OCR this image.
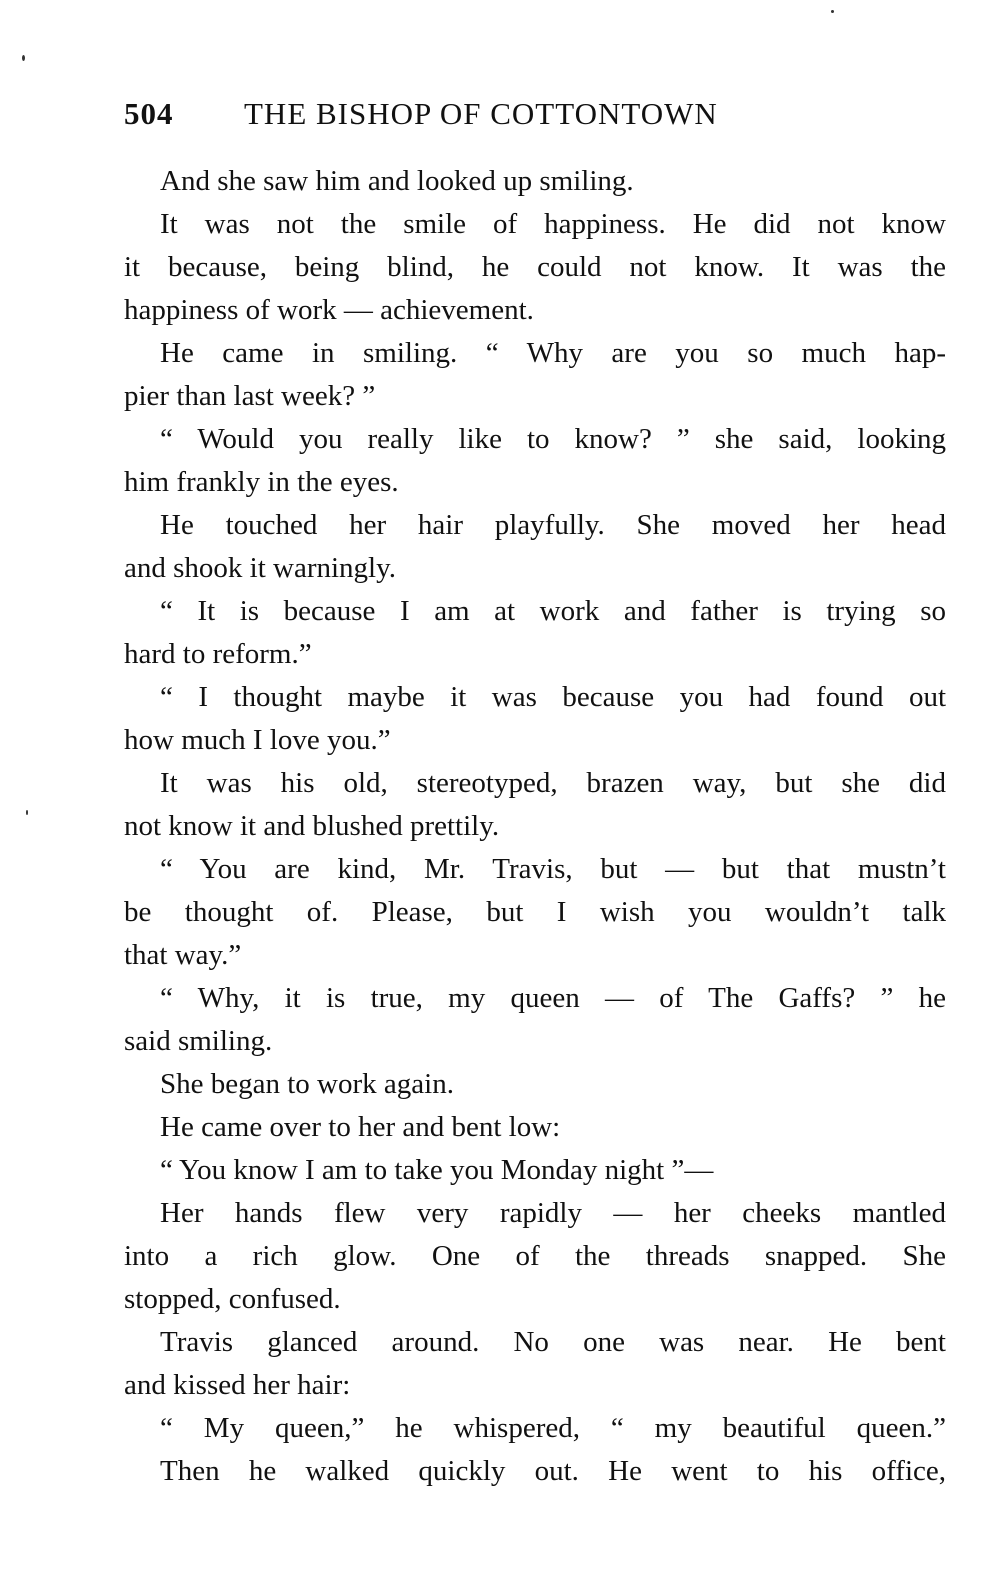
504 THE BISHOP OF COTTONTOWN
And she saw him and looked up smiling.
It was not the smile of happiness. He did not know
it because, being blind, he could not know. It was the
happiness of work — achievement.
He came in smiling. “ Why are you so much hap-
pier than last week? ”
“ Would you really like to know? ” she said, looking
him frankly in the eyes.
He touched her hair playfully. She moved her head
and shook it warningly.
“ It is because I am at work and father is trying so
hard to reform.”
“ I thought maybe it was because you had found out
how much I love you.”
It was his old, stereotyped, brazen way, but she did
not know it and blushed prettily.
“ You are kind, Mr. Travis, but — but that mustn’t
be thought of. Please, but I wish you wouldn’t talk
that way.”
“ Why, it is true, my queen — of The Gaffs? ” he
said smiling.
She began to work again.
He came over to her and bent low:
“ You know I am to take you Monday night ”—
Her hands flew very rapidly — her cheeks mantled
into a rich glow. One of the threads snapped. She
stopped, confused.
Travis glanced around. No one was near. He bent
and kissed her hair:
“ My queen,” he whispered, “ my beautiful queen.”
Then he walked quickly out. He went to his office,
